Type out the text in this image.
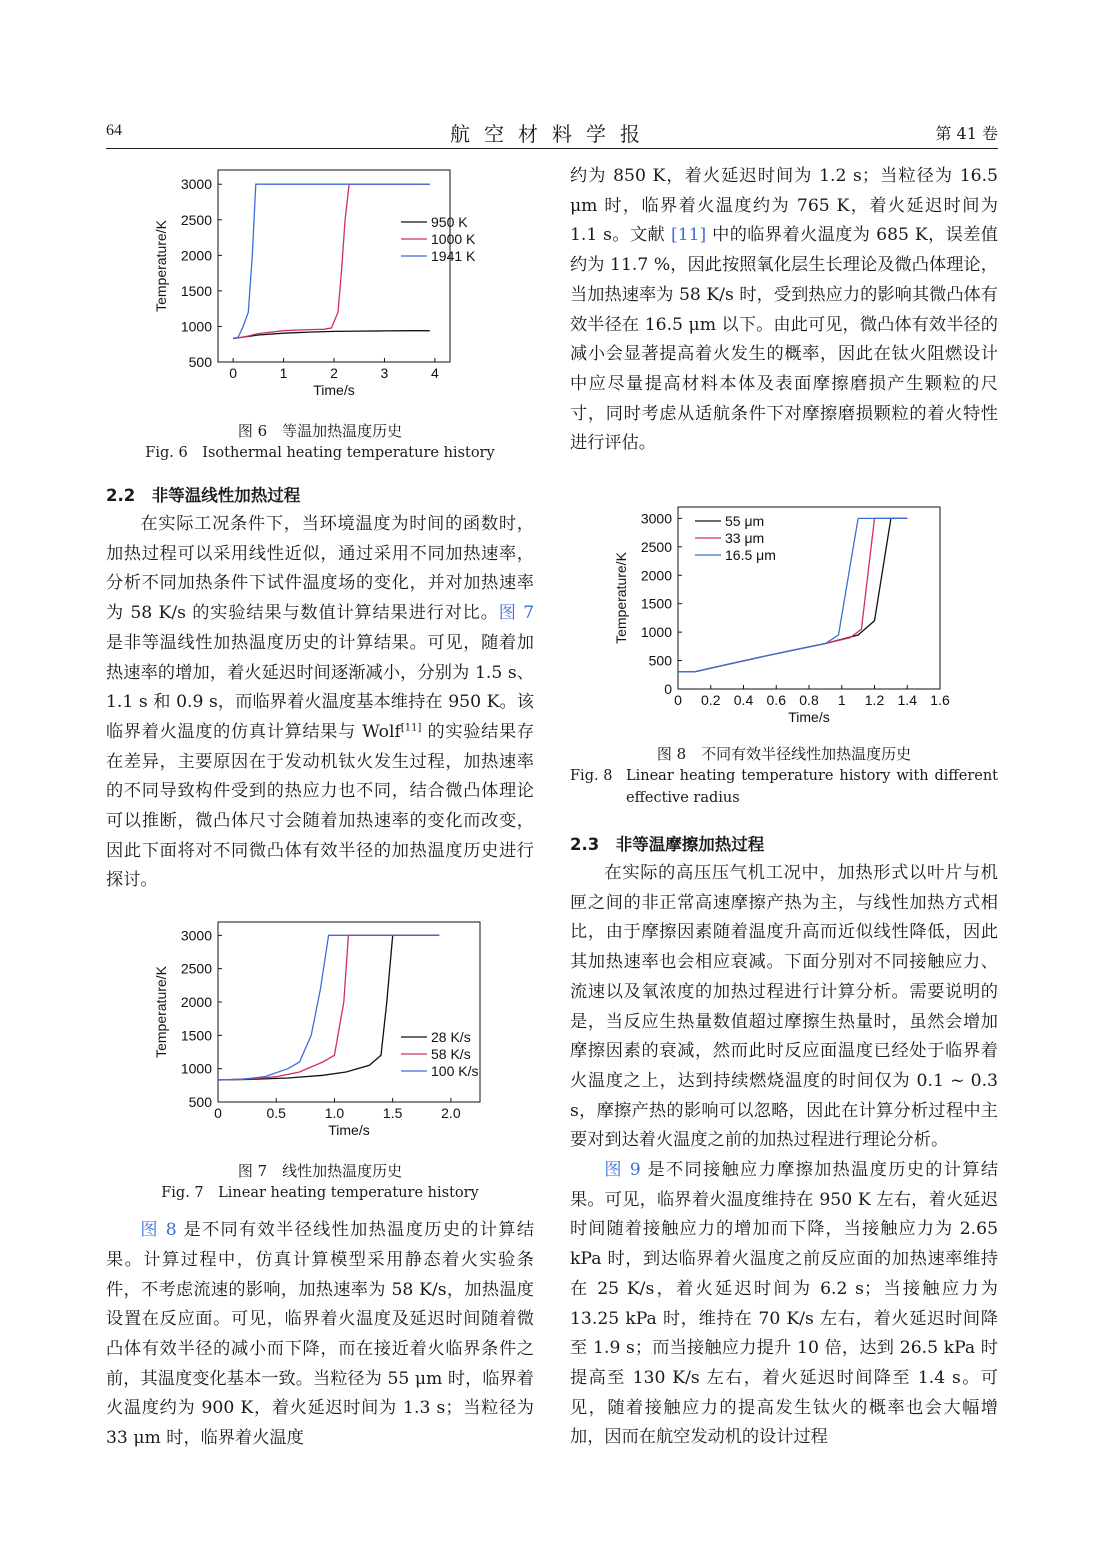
64	航空材料学报	第 41 卷
0	1	2	3	4
500
1000
1500
2000
2500
3000
Time/s
Temperature/K	950 K
1000 K
1941 K
图 6　等温加热温度历史
Fig. 6　Isothermal heating temperature history
2.2　非等温线性加热过程

在实际工况条件下，当环境温度为时间的函数时，加热过程可以采用线性近似，通过采用不同加热速率，分析不同加热条件下试件温度场的变化，并对加热速率为 58 K/s 的实验结果与数值计算结果进行对比。图 7 是非等温线性加热温度历史的计算结果。可见，随着加热速率的增加，着火延迟时间逐渐减小，分别为 1.5 s、1.1 s 和 0.9 s，而临界着火温度基本维持在 950 K。该临界着火温度的仿真计算结果与 Wolf[11] 的实验结果存在差异，主要原因在于发动机钛火发生过程，加热速率的不同导致构件受到的热应力也不同，结合微凸体理论可以推断，微凸体尺寸会随着加热速率的变化而改变，因此下面将对不同微凸体有效半径的加热温度历史进行探讨。

0	0.5	1.0	1.5	2.0
500
1000
1500
2000
2500
3000
Time/s
Temperature/K	28 K/s
58 K/s
100 K/s
图 7　线性加热温度历史
Fig. 7　Linear heating temperature history

图 8 是不同有效半径线性加热温度历史的计算结果。计算过程中，仿真计算模型采用静态着火实验条件，不考虑流速的影响，加热速率为 58 K/s，加热温度设置在反应面。可见，临界着火温度及延迟时间随着微凸体有效半径的减小而下降，而在接近着火临界条件之前，其温度变化基本一致。当粒径为 55 μm 时，临界着火温度约为 900 K，着火延迟时间为 1.3 s；当粒径为 33 μm 时，临界着火温度

约为 850 K，着火延迟时间为 1.2 s；当粒径为 16.5 μm 时，临界着火温度约为 765 K，着火延迟时间为 1.1 s。文献 [11] 中的临界着火温度为 685 K，误差值约为 11.7 %，因此按照氧化层生长理论及微凸体理论，当加热速率为 58 K/s 时，受到热应力的影响其微凸体有效半径在 16.5 μm 以下。由此可见，微凸体有效半径的减小会显著提高着火发生的概率，因此在钛火阻燃设计中应尽量提高材料本体及表面摩擦磨损产生颗粒的尺寸，同时考虑从适航条件下对摩擦磨损颗粒的着火特性进行评估。

0 0.2 0.4 0.6 0.8 1 1.2 1.4 1.6
0
500
1000
1500
2000
2500
3000
Time/s
Temperature/K
55 μm
33 μm
16.5 μm
图 8　不同有效半径线性加热温度历史
Fig. 8 Linear heating temperature history with different effective radius
2.3　非等温摩擦加热过程

在实际的高压压气机工况中，加热形式以叶片与机匣之间的非正常高速摩擦产热为主，与线性加热方式相比，由于摩擦因素随着温度升高而近似线性降低，因此其加热速率也会相应衰减。下面分别对不同接触应力、流速以及氧浓度的加热过程进行计算分析。需要说明的是，当反应生热量数值超过摩擦生热量时，虽然会增加摩擦因素的衰减，然而此时反应面温度已经处于临界着火温度之上，达到持续燃烧温度的时间仅为 0.1 ~ 0.3 s，摩擦产热的影响可以忽略，因此在计算分析过程中主要对到达着火温度之前的加热过程进行理论分析。

图 9 是不同接触应力摩擦加热温度历史的计算结果。可见，临界着火温度维持在 950 K 左右，着火延迟时间随着接触应力的增加而下降，当接触应力为 2.65 kPa 时，到达临界着火温度之前反应面的加热速率维持在 25 K/s，着火延迟时间为 6.2 s；当接触应力为 13.25 kPa 时，维持在 70 K/s 左右，着火延迟时间降至 1.9 s；而当接触应力提升 10 倍，达到 26.5 kPa 时提高至 130 K/s 左右，着火延迟时间降至 1.4 s。可见，随着接触应力的提高发生钛火的概率也会大幅增加，因而在航空发动机的设计过程
